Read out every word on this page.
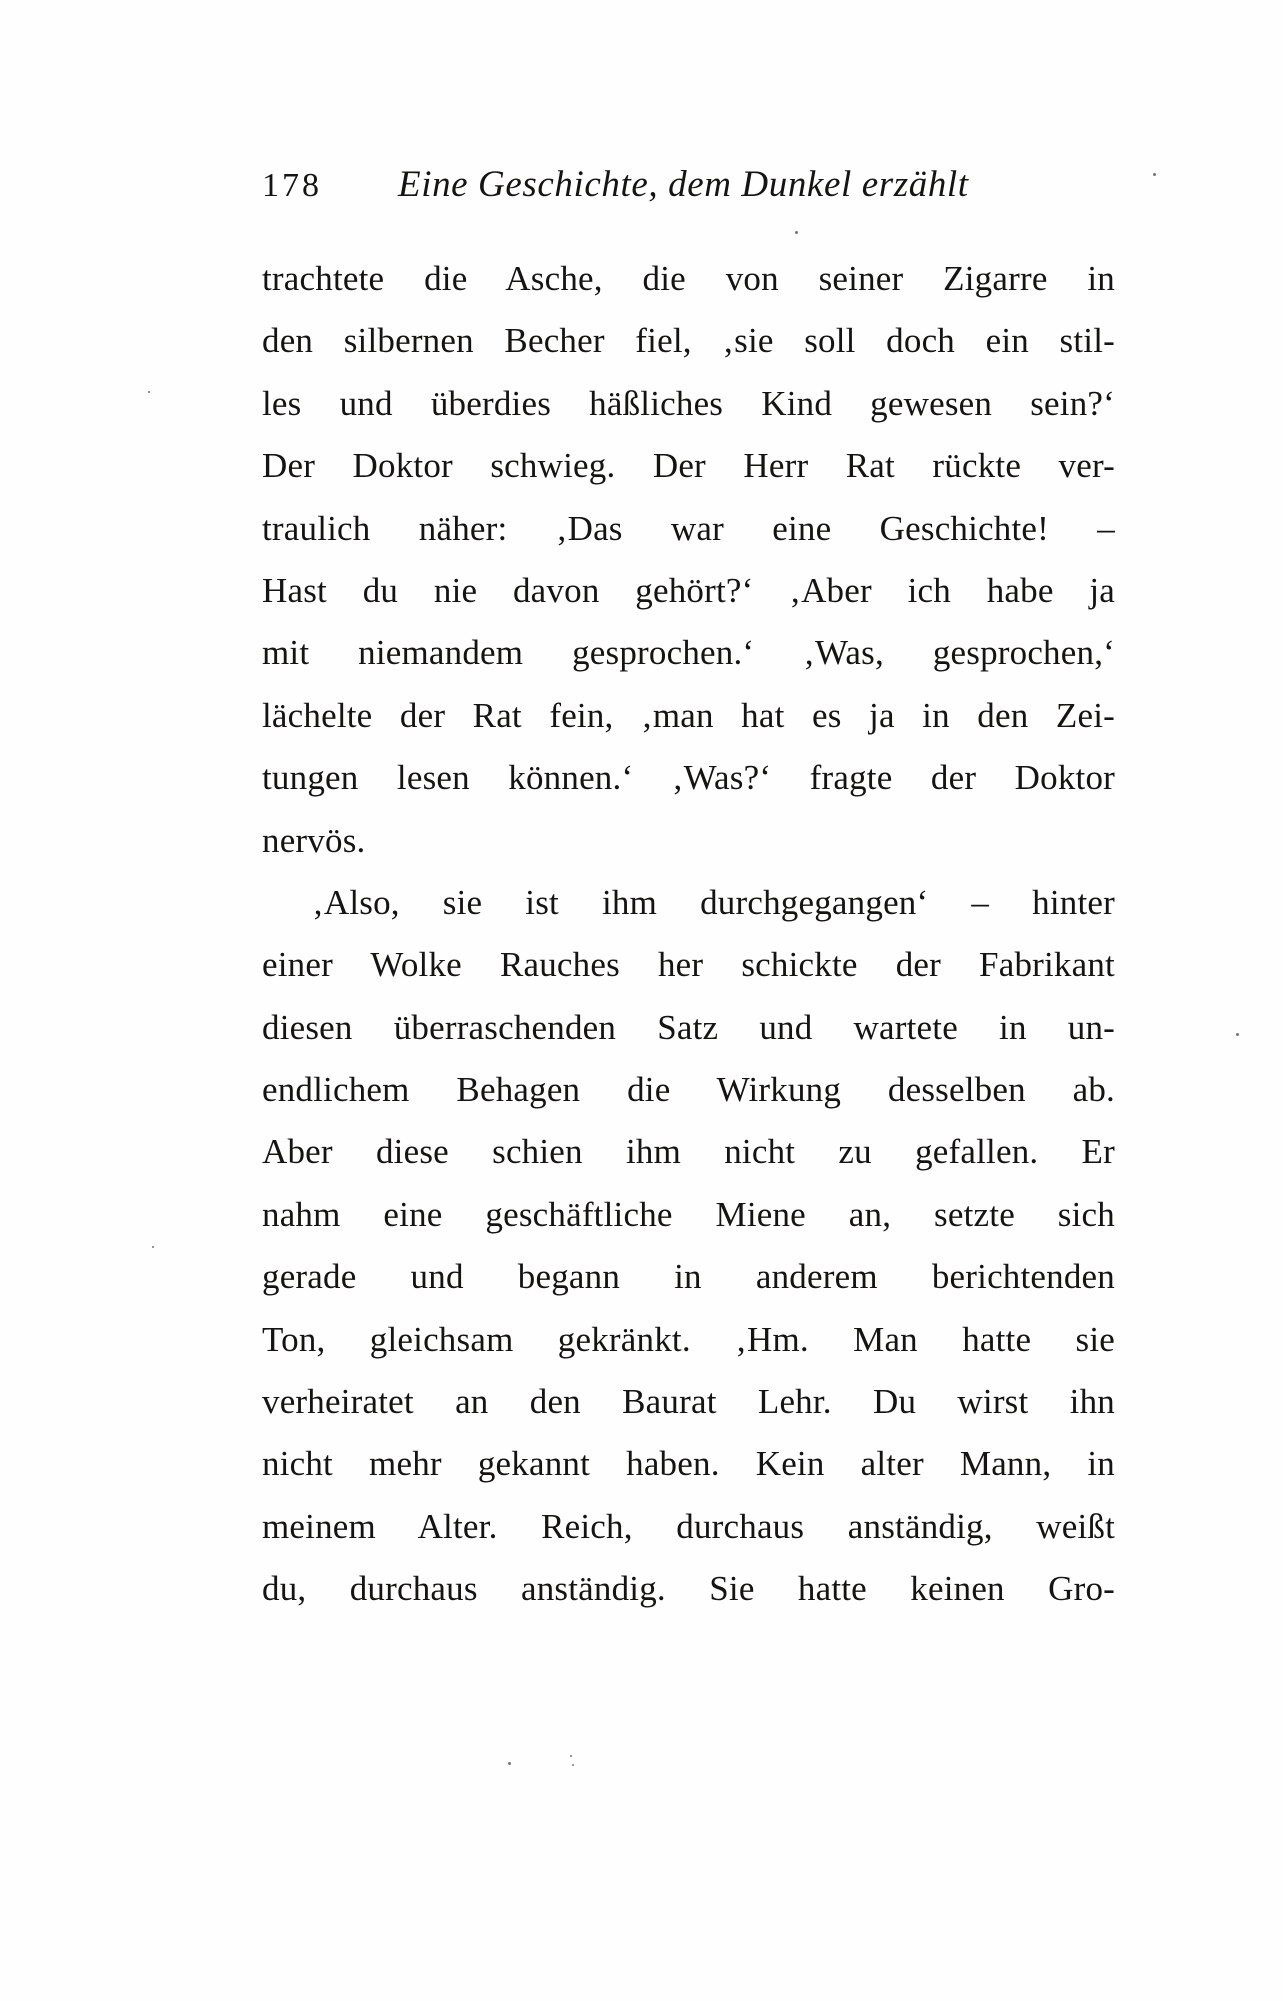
178 Eine Geschichte, dem Dunkel erzählt
trachtete die Asche, die von seiner Zigarre in
den silbernen Becher fiel, ‚sie soll doch ein stil-
les und überdies häßliches Kind gewesen sein?‘
Der Doktor schwieg. Der Herr Rat rückte ver-
traulich näher: ‚Das war eine Geschichte! –
Hast du nie davon gehört?‘ ‚Aber ich habe ja
mit niemandem gesprochen.‘ ‚Was, gesprochen,‘
lächelte der Rat fein, ‚man hat es ja in den Zei-
tungen lesen können.‘ ‚Was?‘ fragte der Doktor
nervös.
‚Also, sie ist ihm durchgegangen‘ – hinter
einer Wolke Rauches her schickte der Fabrikant
diesen überraschenden Satz und wartete in un-
endlichem Behagen die Wirkung desselben ab.
Aber diese schien ihm nicht zu gefallen. Er
nahm eine geschäftliche Miene an, setzte sich
gerade und begann in anderem berichtenden
Ton, gleichsam gekränkt. ‚Hm. Man hatte sie
verheiratet an den Baurat Lehr. Du wirst ihn
nicht mehr gekannt haben. Kein alter Mann, in
meinem Alter. Reich, durchaus anständig, weißt
du, durchaus anständig. Sie hatte keinen Gro-
